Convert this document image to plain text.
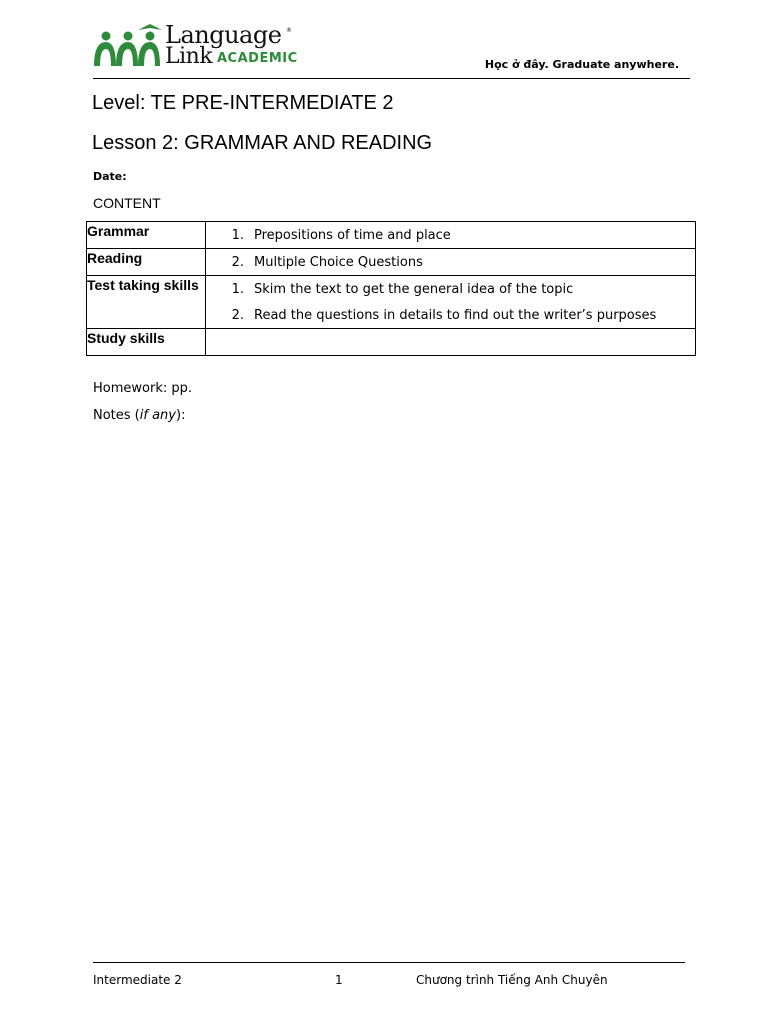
Language
Link ACADEMIC
®
Học ở đây. Graduate anywhere.
Level: TE PRE-INTERMEDIATE 2
Lesson 2: GRAMMAR AND READING
Date:
CONTENT
Grammar	1. Prepositions of time and place

Reading	2. Multiple Choice Questions

Test taking skills	1. Skim the text to get the general idea of the topic
2. Read the questions in details to find out the writer’s purposes

Study skills	
Homework: pp.
Notes (if any):
Intermediate 2	1	Chương trình Tiếng Anh Chuyên
